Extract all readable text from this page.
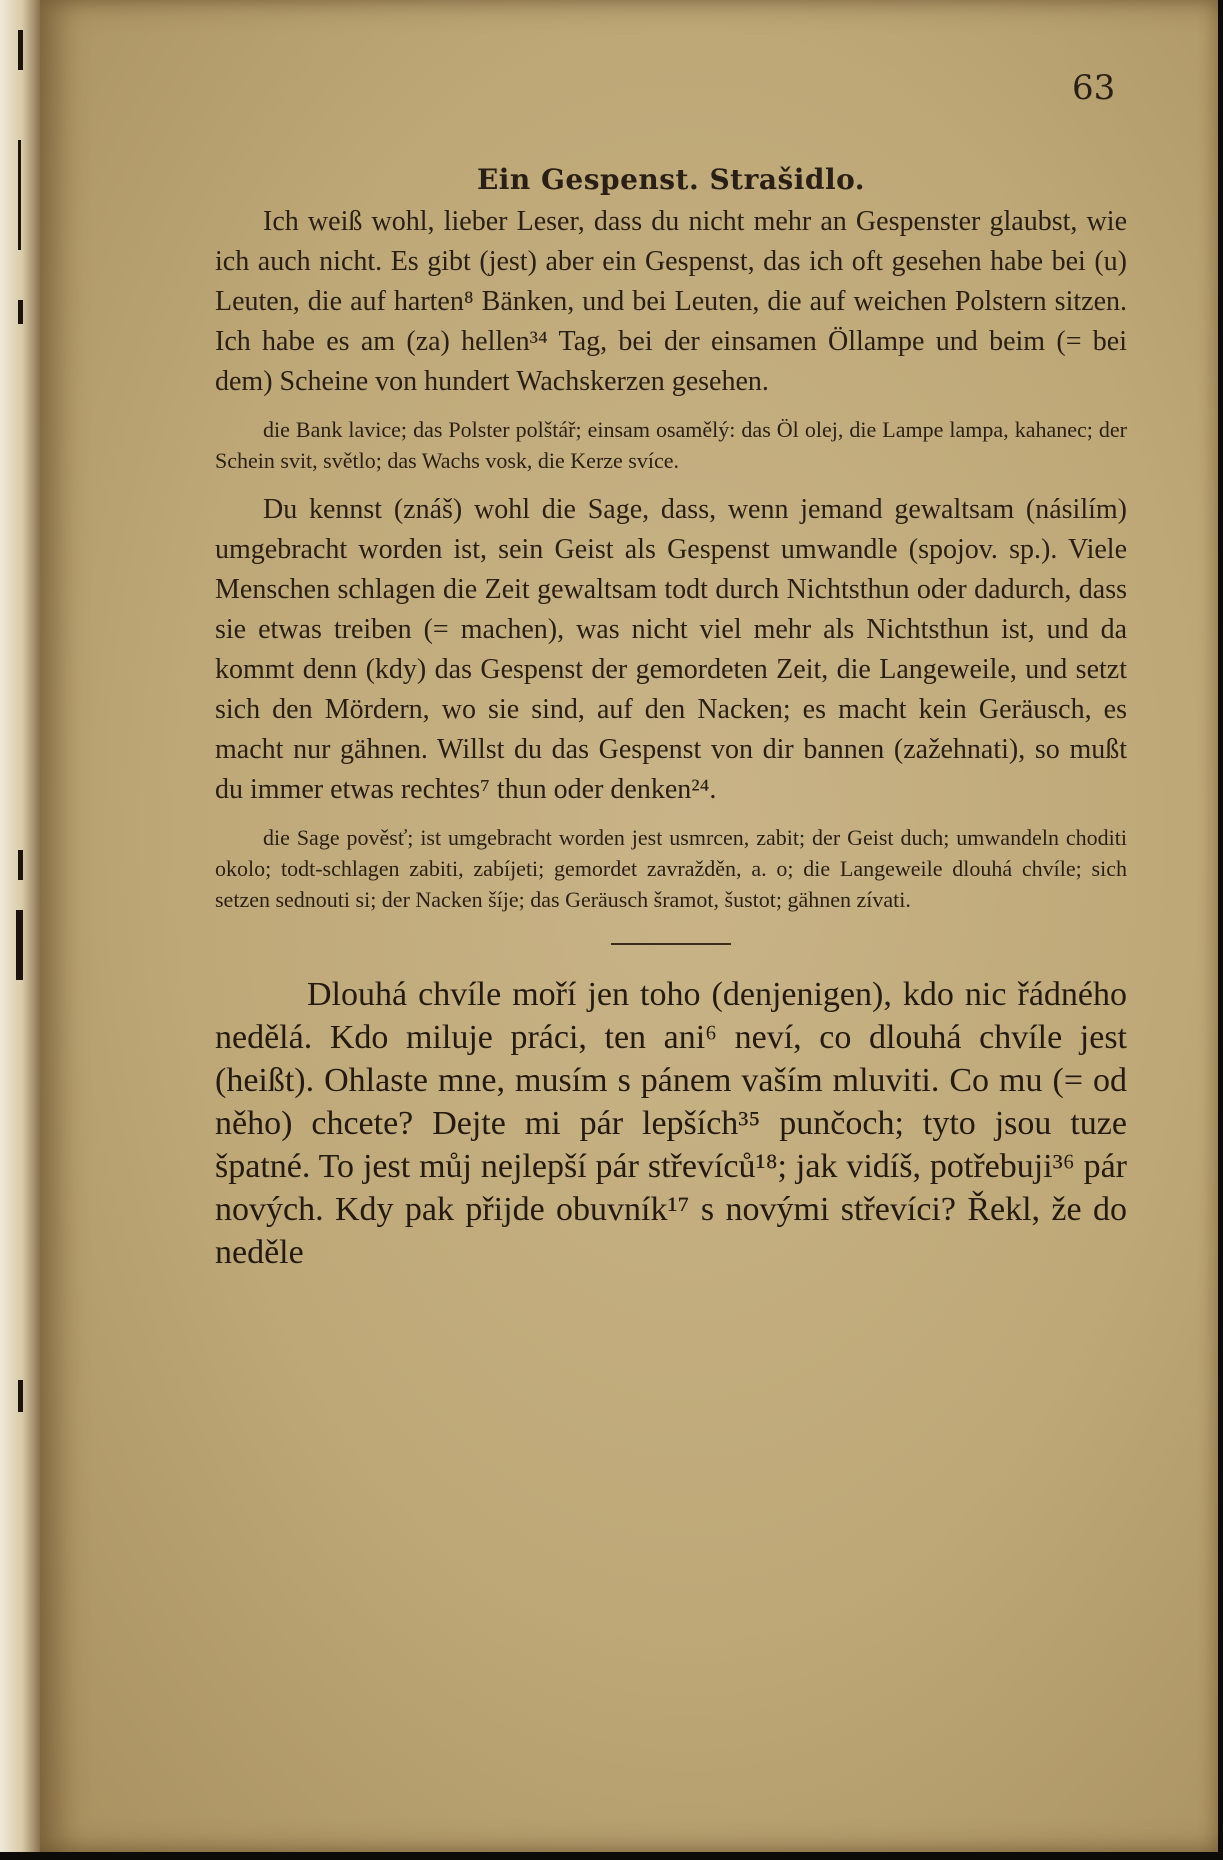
63
Ein Gespenst. Strašidlo.

Ich weiß wohl, lieber Leser, dass du nicht mehr an Gespenster glaubst, wie ich auch nicht. Es gibt (jest) aber ein Gespenst, das ich oft gesehen habe bei (u) Leuten, die auf harten⁸ Bänken, und bei Leuten, die auf weichen Polstern sitzen. Ich habe es am (za) hellen³⁴ Tag, bei der einsamen Öllampe und beim (= bei dem) Scheine von hundert Wachskerzen gesehen.

die Bank lavice; das Polster polštář; einsam osamělý: das Öl olej, die Lampe lampa, kahanec; der Schein svit, světlo; das Wachs vosk, die Kerze svíce.

Du kennst (znáš) wohl die Sage, dass, wenn jemand gewaltsam (násilím) umgebracht worden ist, sein Geist als Gespenst umwandle (spojov. sp.). Viele Menschen schlagen die Zeit gewaltsam todt durch Nichtsthun oder dadurch, dass sie etwas treiben (= machen), was nicht viel mehr als Nichtsthun ist, und da kommt denn (kdy) das Gespenst der gemordeten Zeit, die Langeweile, und setzt sich den Mördern, wo sie sind, auf den Nacken; es macht kein Geräusch, es macht nur gähnen. Willst du das Gespenst von dir bannen (zažehnati), so mußt du immer etwas rechtes⁷ thun oder denken²⁴.

die Sage pověsť; ist umgebracht worden jest usmrcen, zabit; der Geist duch; umwandeln choditi okolo; todt-schlagen zabiti, zabíjeti; gemordet zavražděn, a. o; die Langeweile dlouhá chvíle; sich setzen sednouti si; der Nacken šíje; das Geräusch šramot, šustot; gähnen zívati.

Dlouhá chvíle moří jen toho (denjenigen), kdo nic řádného nedělá. Kdo miluje práci, ten ani⁶ neví, co dlouhá chvíle jest (heißt). Ohlaste mne, musím s pánem vaším mluviti. Co mu (= od něho) chcete? Dejte mi pár lepších³⁵ punčoch; tyto jsou tuze špatné. To jest můj nejlepší pár střevíců¹⁸; jak vidíš, potřebuji³⁶ pár nových. Kdy pak přijde obuvník¹⁷ s novými střevíci? Řekl, že do neděle
